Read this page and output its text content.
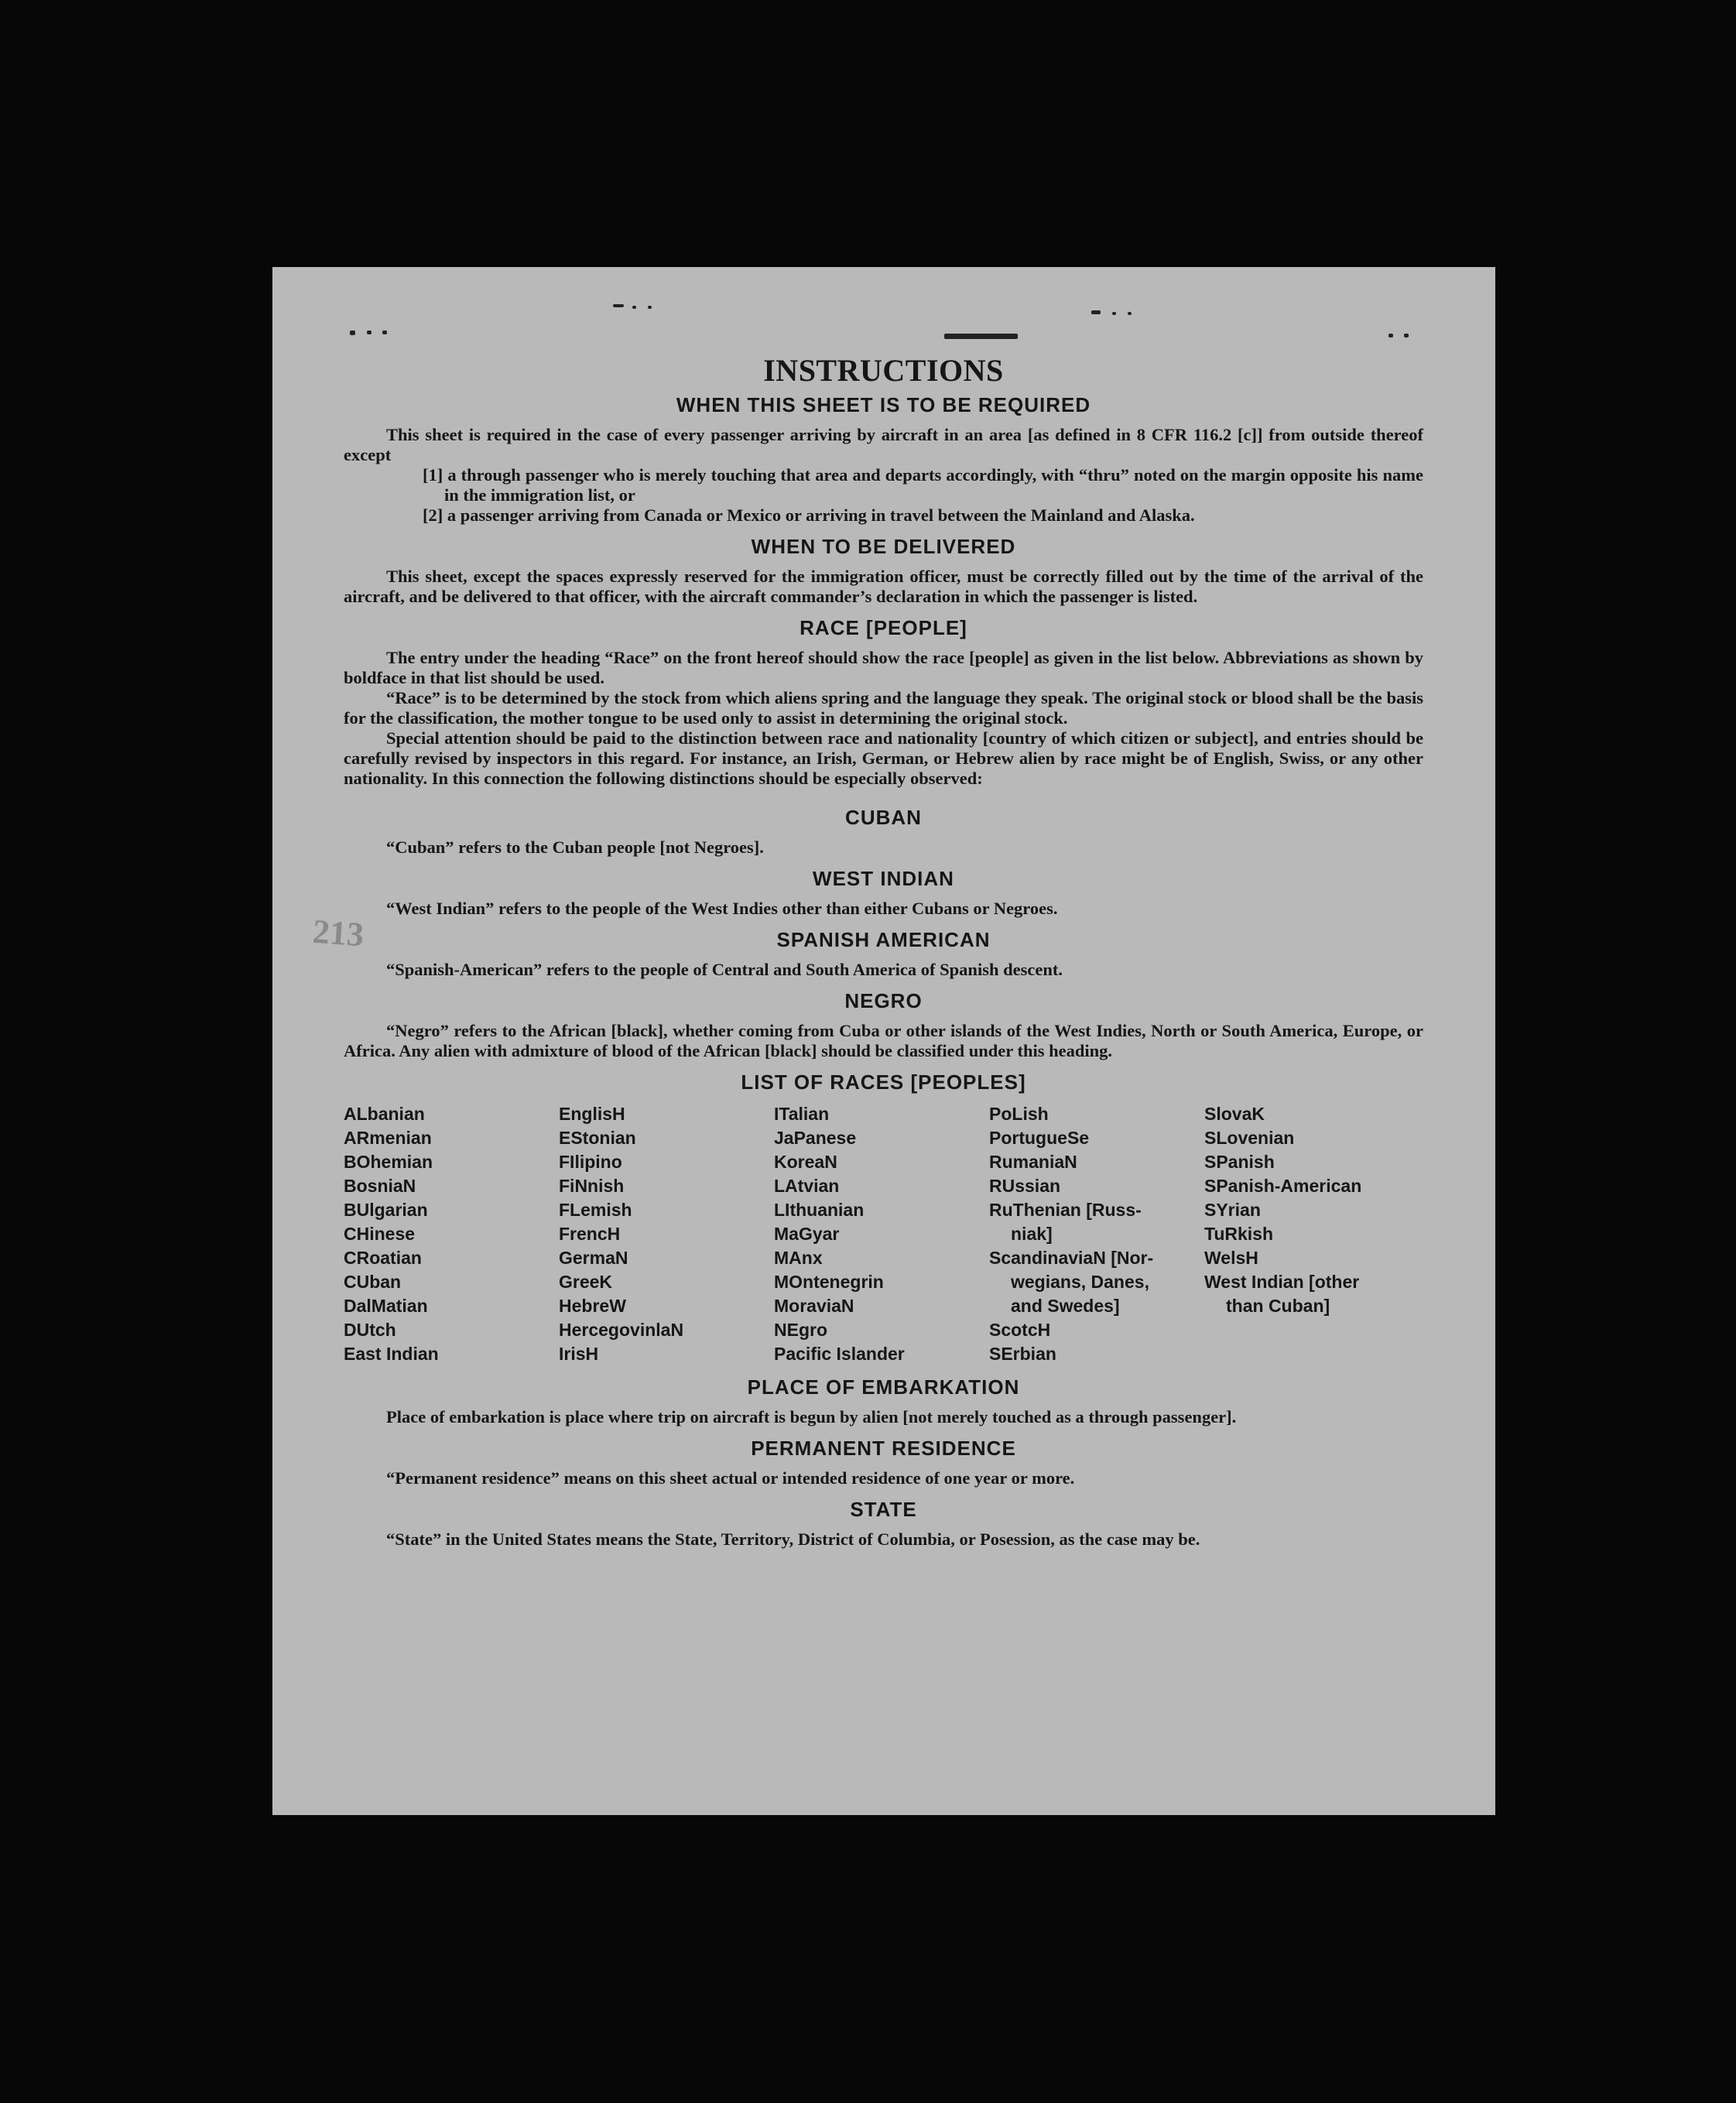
213
INSTRUCTIONS
WHEN THIS SHEET IS TO BE REQUIRED

This sheet is required in the case of every passenger arriving by aircraft in an area [as defined in 8 CFR 116.2 [c]] from outside thereof except

[1] a through passenger who is merely touching that area and departs accordingly, with “thru” noted on the margin opposite his name in the immigration list, or

[2] a passenger arriving from Canada or Mexico or arriving in travel between the Mainland and Alaska.

WHEN TO BE DELIVERED

This sheet, except the spaces expressly reserved for the immigration officer, must be correctly filled out by the time of the arrival of the aircraft, and be delivered to that officer, with the aircraft commander’s declaration in which the passenger is listed.

RACE [PEOPLE]

The entry under the heading “Race” on the front hereof should show the race [people] as given in the list below. Abbreviations as shown by boldface in that list should be used.

“Race” is to be determined by the stock from which aliens spring and the language they speak. The original stock or blood shall be the basis for the classification, the mother tongue to be used only to assist in determining the original stock.

Special attention should be paid to the distinction between race and nationality [country of which citizen or subject], and entries should be carefully revised by inspectors in this regard. For instance, an Irish, German, or Hebrew alien by race might be of English, Swiss, or any other nationality. In this connection the following distinctions should be especially observed:

CUBAN

“Cuban” refers to the Cuban people [not Negroes].

WEST INDIAN

“West Indian” refers to the people of the West Indies other than either Cubans or Negroes.

SPANISH AMERICAN

“Spanish-American” refers to the people of Central and South America of Spanish descent.

NEGRO

“Negro” refers to the African [black], whether coming from Cuba or other islands of the West Indies, North or South America, Europe, or Africa. Any alien with admixture of blood of the African [black] should be classified under this heading.

LIST OF RACES [PEOPLES]
ALbanian
ARmenian
BOhemian
BosniaN
BUlgarian
CHinese
CRoatian
CUban
DalMatian
DUtch
East Indian
EnglisH
EStonian
FIlipino
FiNnish
FLemish
FrencH
GermaN
GreeK
HebreW
HercegovinlaN
IrisH
ITalian
JaPanese
KoreaN
LAtvian
LIthuanian
MaGyar
MAnx
MOntenegrin
MoraviaN
NEgro
Pacific Islander
PoLish
PortugueSe
RumaniaN
RUssian
RuThenian [Russ-
niak]
ScandinaviaN [Nor-
wegians, Danes,
and Swedes]
ScotcH
SErbian
SlovaK
SLovenian
SPanish
SPanish-American
SYrian
TuRkish
WelsH
West Indian [other
than Cuban]
PLACE OF EMBARKATION

Place of embarkation is place where trip on aircraft is begun by alien [not merely touched as a through passenger].

PERMANENT RESIDENCE

“Permanent residence” means on this sheet actual or intended residence of one year or more.

STATE

“State” in the United States means the State, Territory, District of Columbia, or Posession, as the case may be.
